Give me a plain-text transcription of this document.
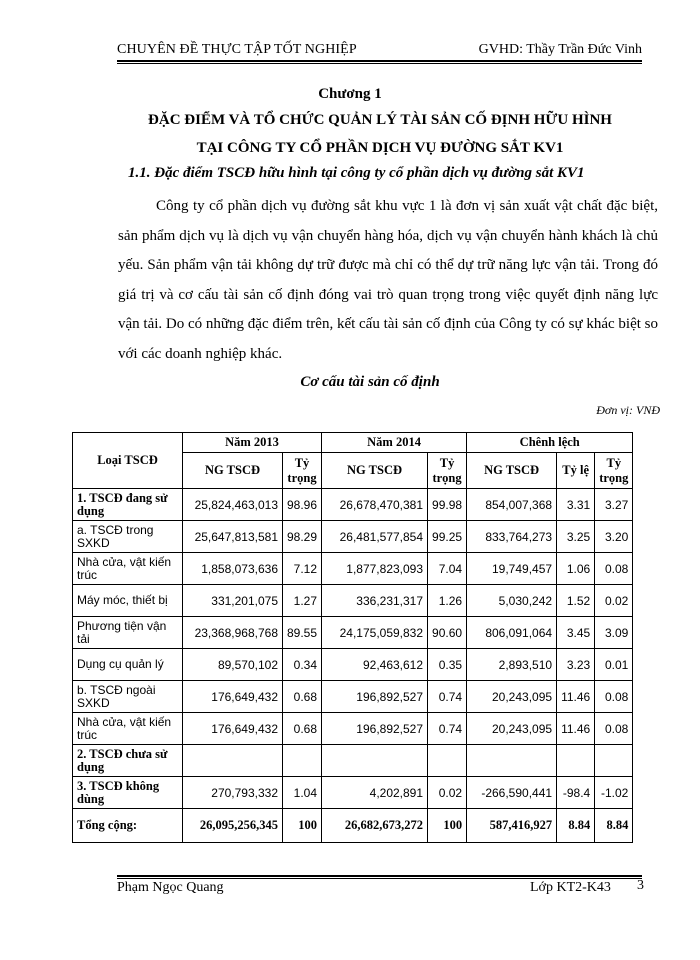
CHUYÊN ĐỀ THỰC TẬP TỐT NGHIỆP	GVHD: Thầy Trần Đức Vinh
Chương 1
ĐẶC ĐIỂM VÀ TỔ CHỨC QUẢN LÝ TÀI SẢN CỐ ĐỊNH HỮU HÌNH
TẠI CÔNG TY CỔ PHẦN DỊCH VỤ ĐƯỜNG SẮT KV1
1.1. Đặc điểm TSCĐ hữu hình tại công ty cổ phần dịch vụ đường sắt KV1
Công ty cổ phần dịch vụ đường sắt khu vực 1 là đơn vị sản xuất vật chất đặc biệt, sản phẩm dịch vụ là dịch vụ vận chuyển hàng hóa, dịch vụ vận chuyển hành khách là chủ yếu. Sản phẩm vận tải không dự trữ được mà chỉ có thể dự trữ năng lực vận tải. Trong đó giá trị và cơ cấu tài sản cố định đóng vai trò quan trọng trong việc quyết định năng lực vận tải. Do có những đặc điểm trên, kết cấu tài sản cố định của Công ty có sự khác biệt so với các doanh nghiệp khác.
Cơ cấu tài sản cố định
Đơn vị: VNĐ
Loại TSCĐ	Năm 2013		Năm 2014		Chênh lệch		
	NG TSCĐ	Tỷ trọng	NG TSCĐ	Tỷ trọng	NG TSCĐ	Tỷ lệ	Tỷ trọng
1. TSCĐ đang sử dụng	25,824,463,013	98.96	26,678,470,381	99.98	854,007,368	3.31	3.27
a. TSCĐ trong SXKD	25,647,813,581	98.29	26,481,577,854	99.25	833,764,273	3.25	3.20
Nhà cửa, vật kiến trúc	1,858,073,636	7.12	1,877,823,093	7.04	19,749,457	1.06	0.08
Máy móc, thiết bị	331,201,075	1.27	336,231,317	1.26	5,030,242	1.52	0.02
Phương tiện vận tải	23,368,968,768	89.55	24,175,059,832	90.60	806,091,064	3.45	3.09
Dụng cụ quản lý	89,570,102	0.34	92,463,612	0.35	2,893,510	3.23	0.01
b. TSCĐ ngoài SXKD	176,649,432	0.68	196,892,527	0.74	20,243,095	11.46	0.08
Nhà cửa, vật kiến trúc	176,649,432	0.68	196,892,527	0.74	20,243,095	11.46	0.08
2. TSCĐ chưa sử dụng							
3. TSCĐ không dùng	270,793,332	1.04	4,202,891	0.02	-266,590,441	-98.4	-1.02
Tổng cộng:	26,095,256,345	100	26,682,673,272	100	587,416,927	8.84	8.84
Phạm Ngọc Quang	Lớp KT2-K43 3
